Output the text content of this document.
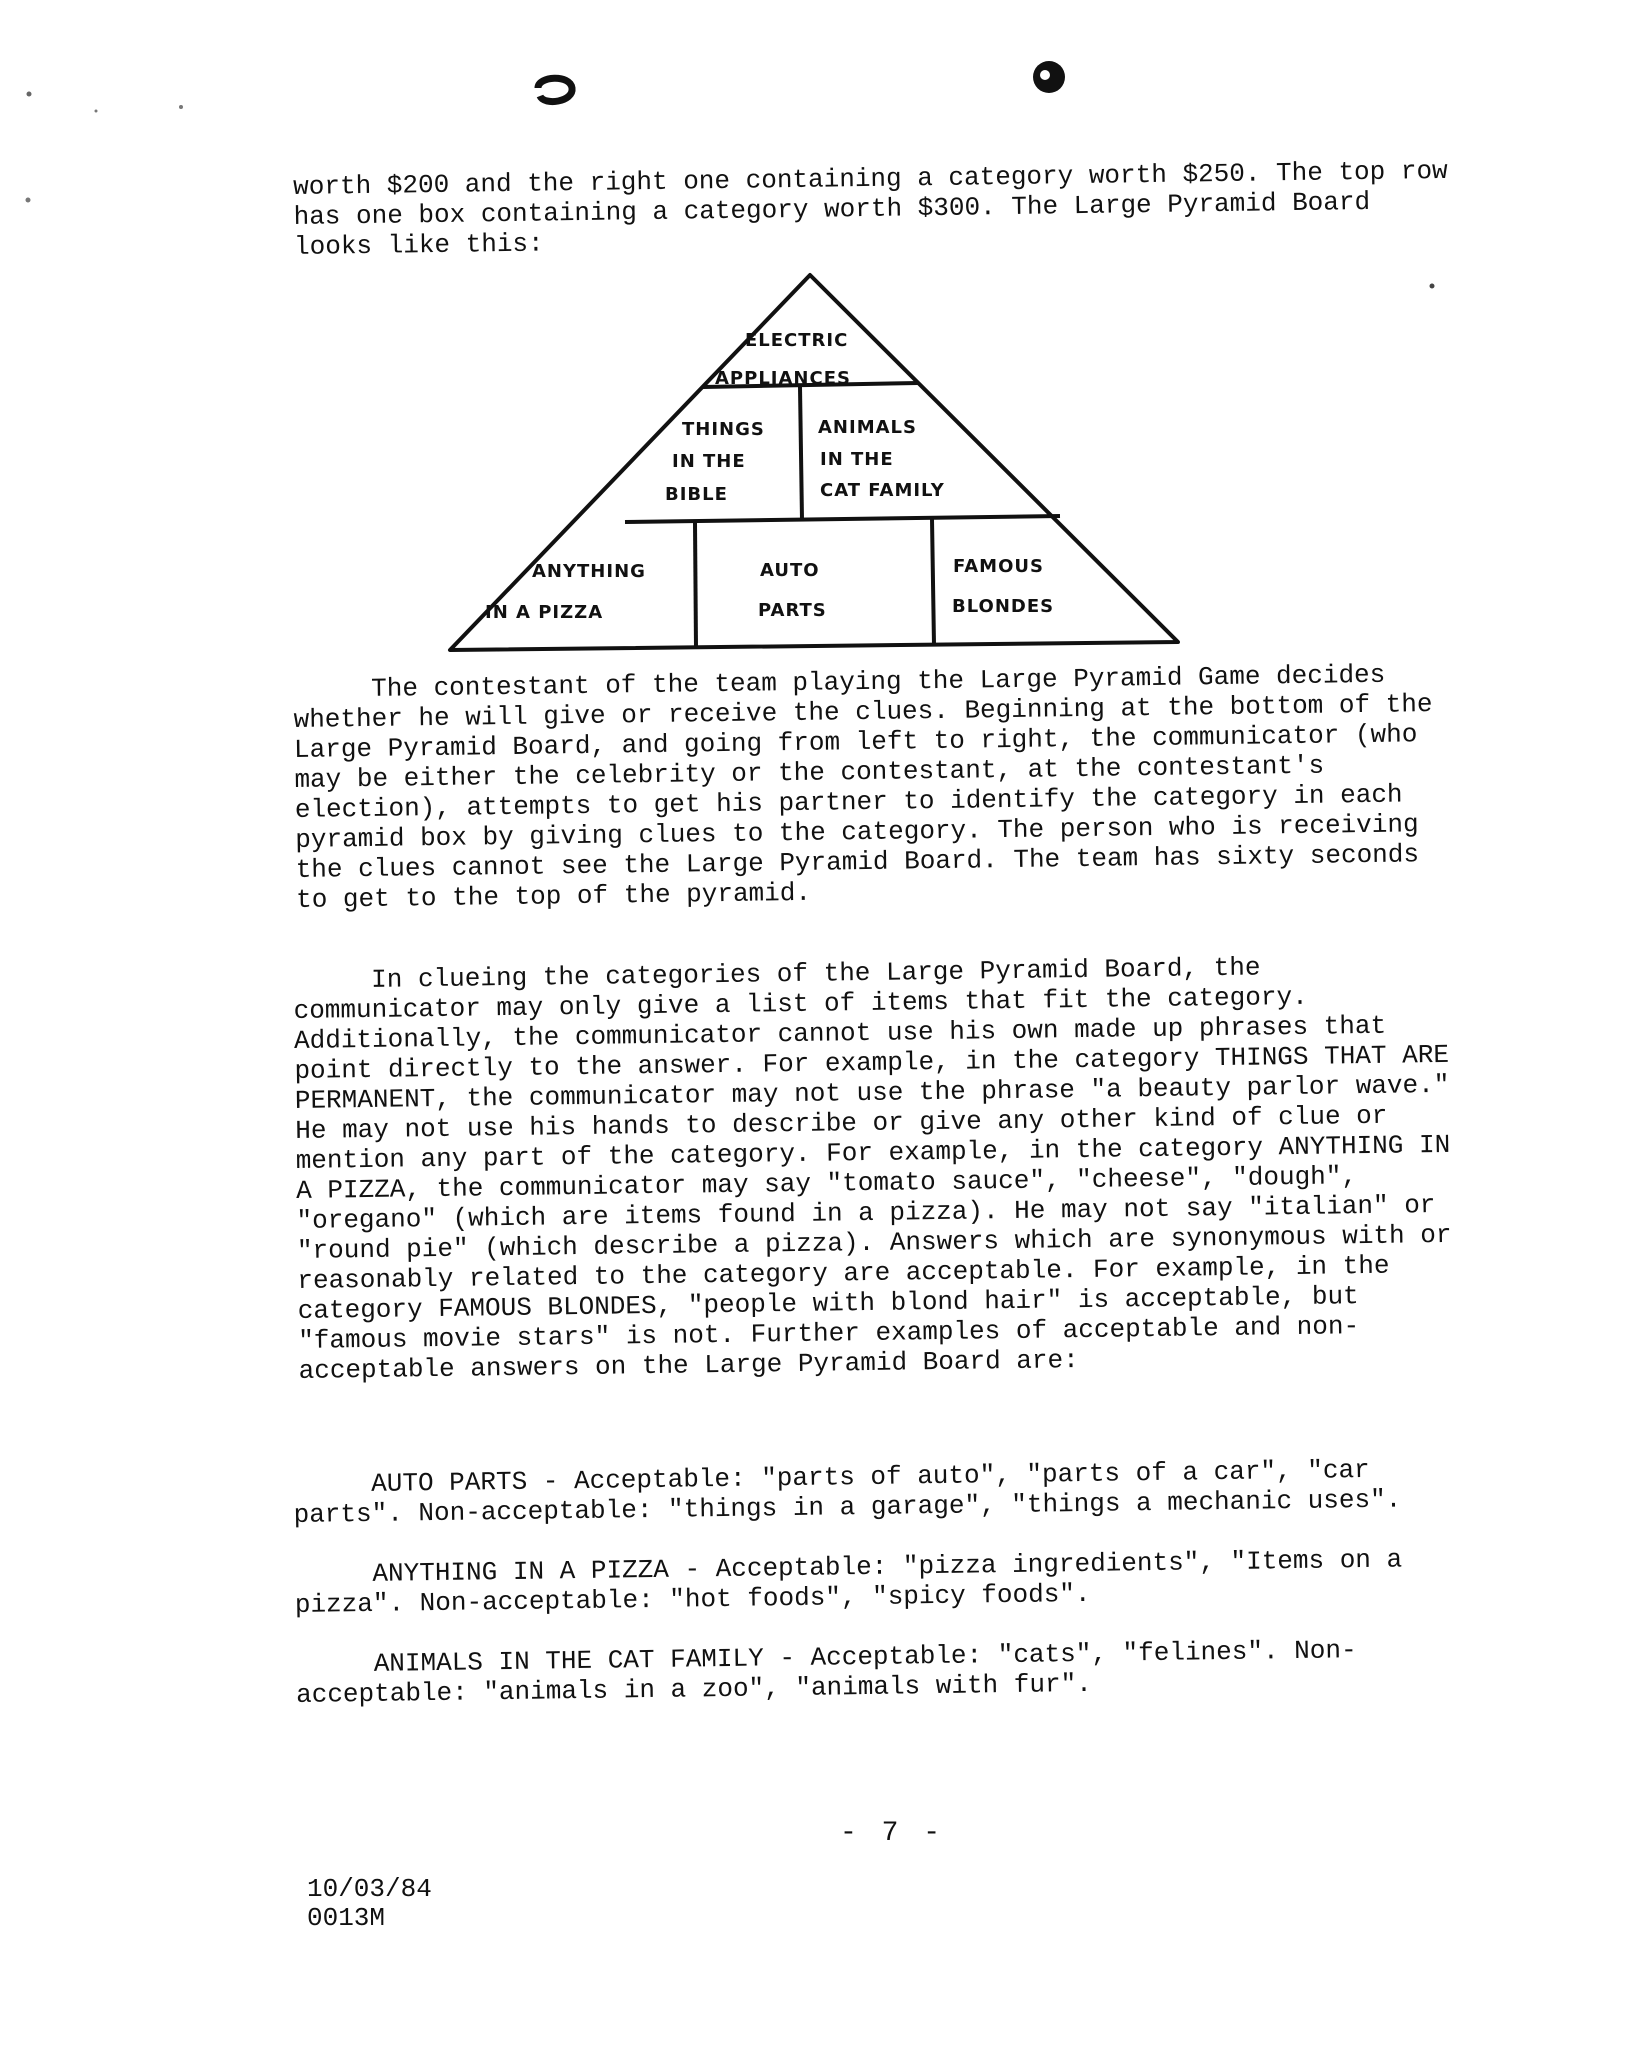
worth $200 and the right one containing a category worth $250. The top row has one box containing a category worth $300. The Large Pyramid Board looks like this:

ELECTRIC
APPLIANCES
THINGS
IN THE
BIBLE
ANIMALS
IN THE
CAT FAMILY
ANYTHING
IN A PIZZA
AUTO
PARTS
FAMOUS
BLONDES

The contestant of the team playing the Large Pyramid Game decides whether he will give or receive the clues. Beginning at the bottom of the Large Pyramid Board, and going from left to right, the communicator (who may be either the celebrity or the contestant, at the contestant's election), attempts to get his partner to identify the category in each pyramid box by giving clues to the category. The person who is receiving the clues cannot see the Large Pyramid Board. The team has sixty seconds to get to the top of the pyramid.

In clueing the categories of the Large Pyramid Board, the communicator may only give a list of items that fit the category. Additionally, the communicator cannot use his own made up phrases that point directly to the answer. For example, in the category THINGS THAT ARE PERMANENT, the communicator may not use the phrase "a beauty parlor wave." He may not use his hands to describe or give any other kind of clue or mention any part of the category. For example, in the category ANYTHING IN A PIZZA, the communicator may say "tomato sauce", "cheese", "dough", "oregano" (which are items found in a pizza). He may not say "italian" or "round pie" (which describe a pizza). Answers which are synonymous with or reasonably related to the category are acceptable. For example, in the category FAMOUS BLONDES, "people with blond hair" is acceptable, but "famous movie stars" is not. Further examples of acceptable and non-acceptable answers on the Large Pyramid Board are:

AUTO PARTS - Acceptable: "parts of auto", "parts of a car", "car parts". Non-acceptable: "things in a garage", "things a mechanic uses".

ANYTHING IN A PIZZA - Acceptable: "pizza ingredients", "Items on a pizza". Non-acceptable: "hot foods", "spicy foods".

ANIMALS IN THE CAT FAMILY - Acceptable: "cats", "felines". Non-acceptable: "animals in a zoo", "animals with fur".

- 7 -
10/03/84
0013M
